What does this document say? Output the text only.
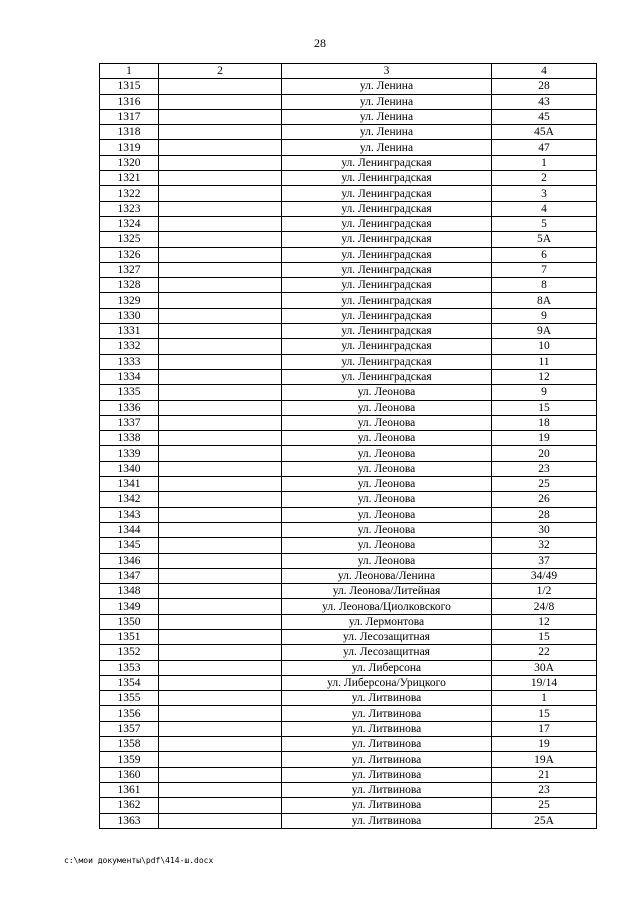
28
1	2	3	4
1315		ул. Ленина	28
1316		ул. Ленина	43
1317		ул. Ленина	45
1318		ул. Ленина	45А
1319		ул. Ленина	47
1320		ул. Ленинградская	1
1321		ул. Ленинградская	2
1322		ул. Ленинградская	3
1323		ул. Ленинградская	4
1324		ул. Ленинградская	5
1325		ул. Ленинградская	5А
1326		ул. Ленинградская	6
1327		ул. Ленинградская	7
1328		ул. Ленинградская	8
1329		ул. Ленинградская	8А
1330		ул. Ленинградская	9
1331		ул. Ленинградская	9А
1332		ул. Ленинградская	10
1333		ул. Ленинградская	11
1334		ул. Ленинградская	12
1335		ул. Леонова	9
1336		ул. Леонова	15
1337		ул. Леонова	18
1338		ул. Леонова	19
1339		ул. Леонова	20
1340		ул. Леонова	23
1341		ул. Леонова	25
1342		ул. Леонова	26
1343		ул. Леонова	28
1344		ул. Леонова	30
1345		ул. Леонова	32
1346		ул. Леонова	37
1347		ул. Леонова/Ленина	34/49
1348		ул. Леонова/Литейная	1/2
1349		ул. Леонова/Циолковского	24/8
1350		ул. Лермонтова	12
1351		ул. Лесозащитная	15
1352		ул. Лесозащитная	22
1353		ул. Либерсона	30А
1354		ул. Либерсона/Урицкого	19/14
1355		ул. Литвинова	1
1356		ул. Литвинова	15
1357		ул. Литвинова	17
1358		ул. Литвинова	19
1359		ул. Литвинова	19А
1360		ул. Литвинова	21
1361		ул. Литвинова	23
1362		ул. Литвинова	25
1363		ул. Литвинова	25А
c:\мои документы\pdf\414-ш.docx
